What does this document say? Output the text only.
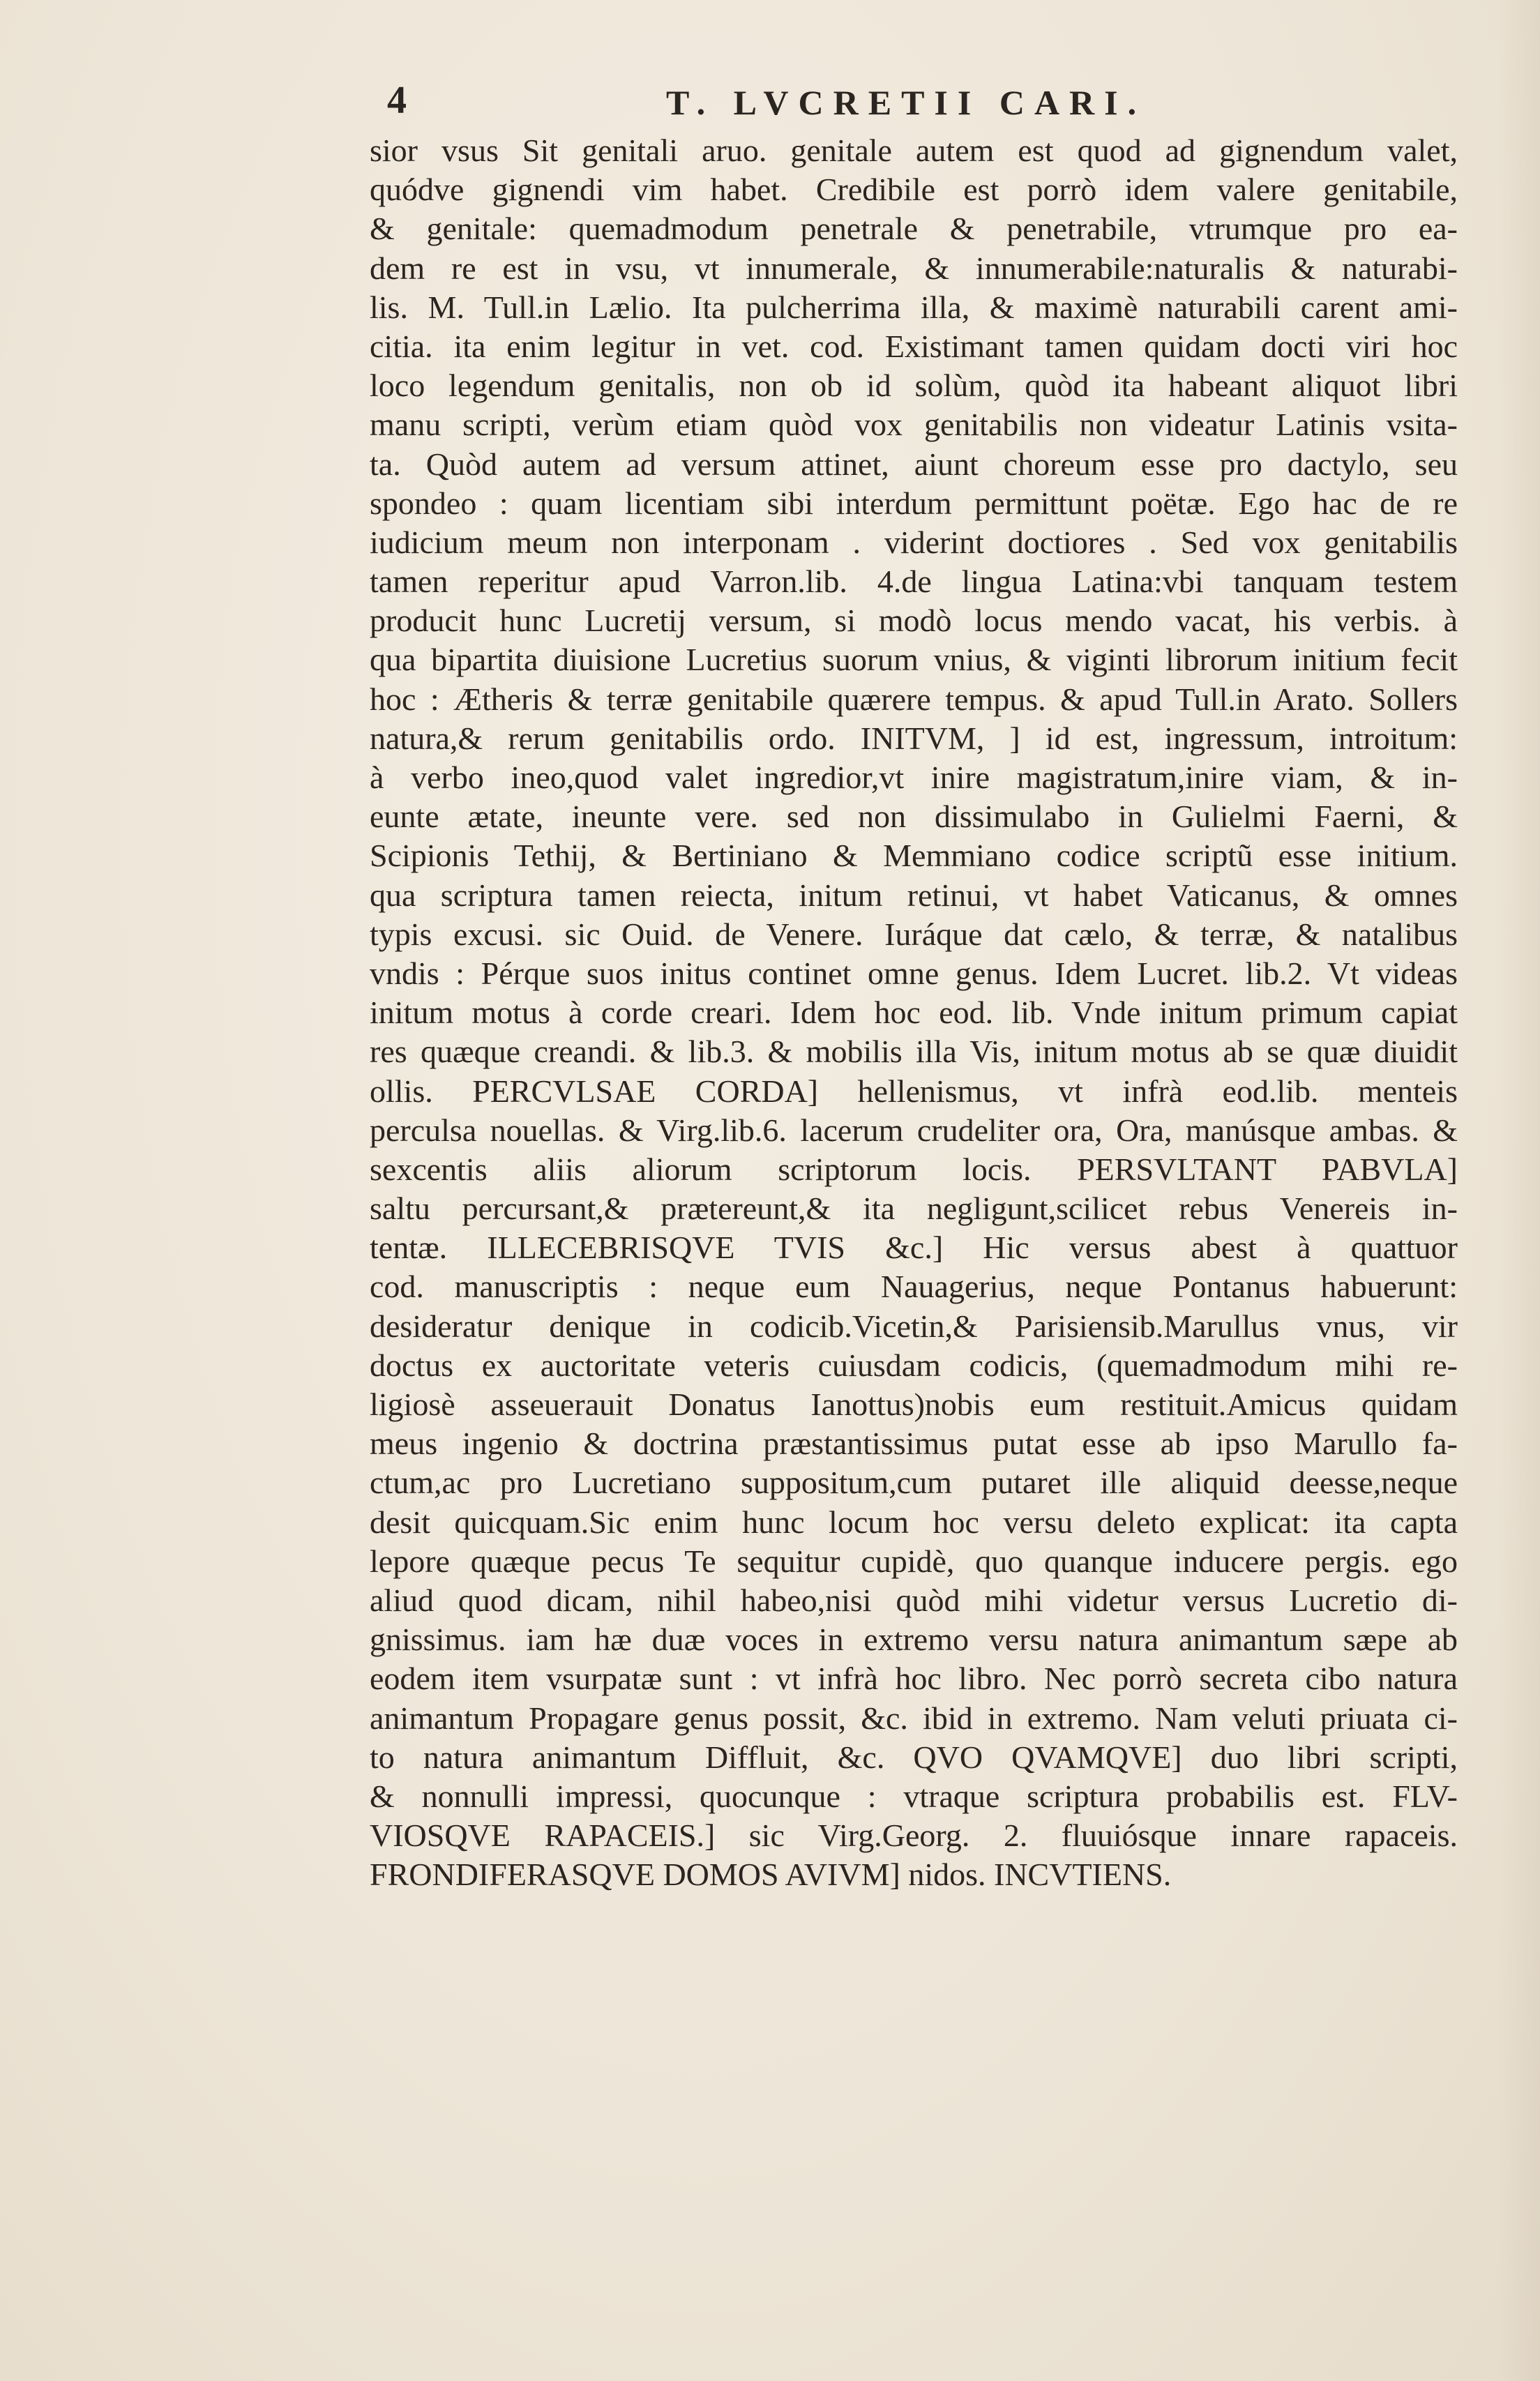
4	T. LVCRETII CARI.
sior vsus Sit genitali aruo. genitale autem est quod ad gignendum valet,
quódve gignendi vim habet. Credibile est porrò idem valere genitabile,
& genitale: quemadmodum penetrale & penetrabile, vtrumque pro ea-
dem re est in vsu, vt innumerale, & innumerabile:naturalis & naturabi-
lis. M. Tull.in Lælio. Ita pulcherrima illa, & maximè naturabili carent ami-
citia. ita enim legitur in vet. cod. Existimant tamen quidam docti viri hoc
loco legendum genitalis, non ob id solùm, quòd ita habeant aliquot libri
manu scripti, verùm etiam quòd vox genitabilis non videatur Latinis vsita-
ta. Quòd autem ad versum attinet, aiunt choreum esse pro dactylo, seu
spondeo : quam licentiam sibi interdum permittunt poëtæ. Ego hac de re
iudicium meum non interponam . viderint doctiores . Sed vox genitabilis
tamen reperitur apud Varron.lib. 4.de lingua Latina:vbi tanquam testem
producit hunc Lucretij versum, si modò locus mendo vacat, his verbis. à
qua bipartita diuisione Lucretius suorum vnius, & viginti librorum initium fecit
hoc : Ætheris & terræ genitabile quærere tempus. & apud Tull.in Arato. Sollers
natura,& rerum genitabilis ordo. INITVM, ] id est, ingressum, introitum:
à verbo ineo,quod valet ingredior,vt inire magistratum,inire viam, & in-
eunte ætate, ineunte vere. sed non dissimulabo in Gulielmi Faerni, &
Scipionis Tethij, & Bertiniano & Memmiano codice scriptũ esse initium.
qua scriptura tamen reiecta, initum retinui, vt habet Vaticanus, & omnes
typis excusi. sic Ouid. de Venere. Iuráque dat cælo, & terræ, & natalibus
vndis : Pérque suos initus continet omne genus. Idem Lucret. lib.2. Vt videas
initum motus à corde creari. Idem hoc eod. lib. Vnde initum primum capiat
res quæque creandi. & lib.3. & mobilis illa Vis, initum motus ab se quæ diuidit
ollis. PERCVLSAE CORDA] hellenismus, vt infrà eod.lib. menteis
perculsa nouellas. & Virg.lib.6. lacerum crudeliter ora, Ora, manúsque ambas. &
sexcentis aliis aliorum scriptorum locis. PERSVLTANT PABVLA]
saltu percursant,& prætereunt,& ita negligunt,scilicet rebus Venereis in-
tentæ. ILLECEBRISQVE TVIS &c.] Hic versus abest à quattuor
cod. manuscriptis : neque eum Nauagerius, neque Pontanus habuerunt:
desideratur denique in codicib.Vicetin,& Parisiensib.Marullus vnus, vir
doctus ex auctoritate veteris cuiusdam codicis, (quemadmodum mihi re-
ligiosè asseuerauit Donatus Ianottus)nobis eum restituit.Amicus quidam
meus ingenio & doctrina præstantissimus putat esse ab ipso Marullo fa-
ctum,ac pro Lucretiano suppositum,cum putaret ille aliquid deesse,neque
desit quicquam.Sic enim hunc locum hoc versu deleto explicat: ita capta
lepore quæque pecus Te sequitur cupidè, quo quanque inducere pergis. ego
aliud quod dicam, nihil habeo,nisi quòd mihi videtur versus Lucretio di-
gnissimus. iam hæ duæ voces in extremo versu natura animantum sæpe ab
eodem item vsurpatæ sunt : vt infrà hoc libro. Nec porrò secreta cibo natura
animantum Propagare genus possit, &c. ibid in extremo. Nam veluti priuata ci-
to natura animantum Diffluit, &c. QVO QVAMQVE] duo libri scripti,
& nonnulli impressi, quocunque : vtraque scriptura probabilis est. FLV-
VIOSQVE RAPACEIS.] sic Virg.Georg. 2. fluuiósque innare rapaceis.
FRONDIFERASQVE DOMOS AVIVM] nidos. INCVTIENS.
